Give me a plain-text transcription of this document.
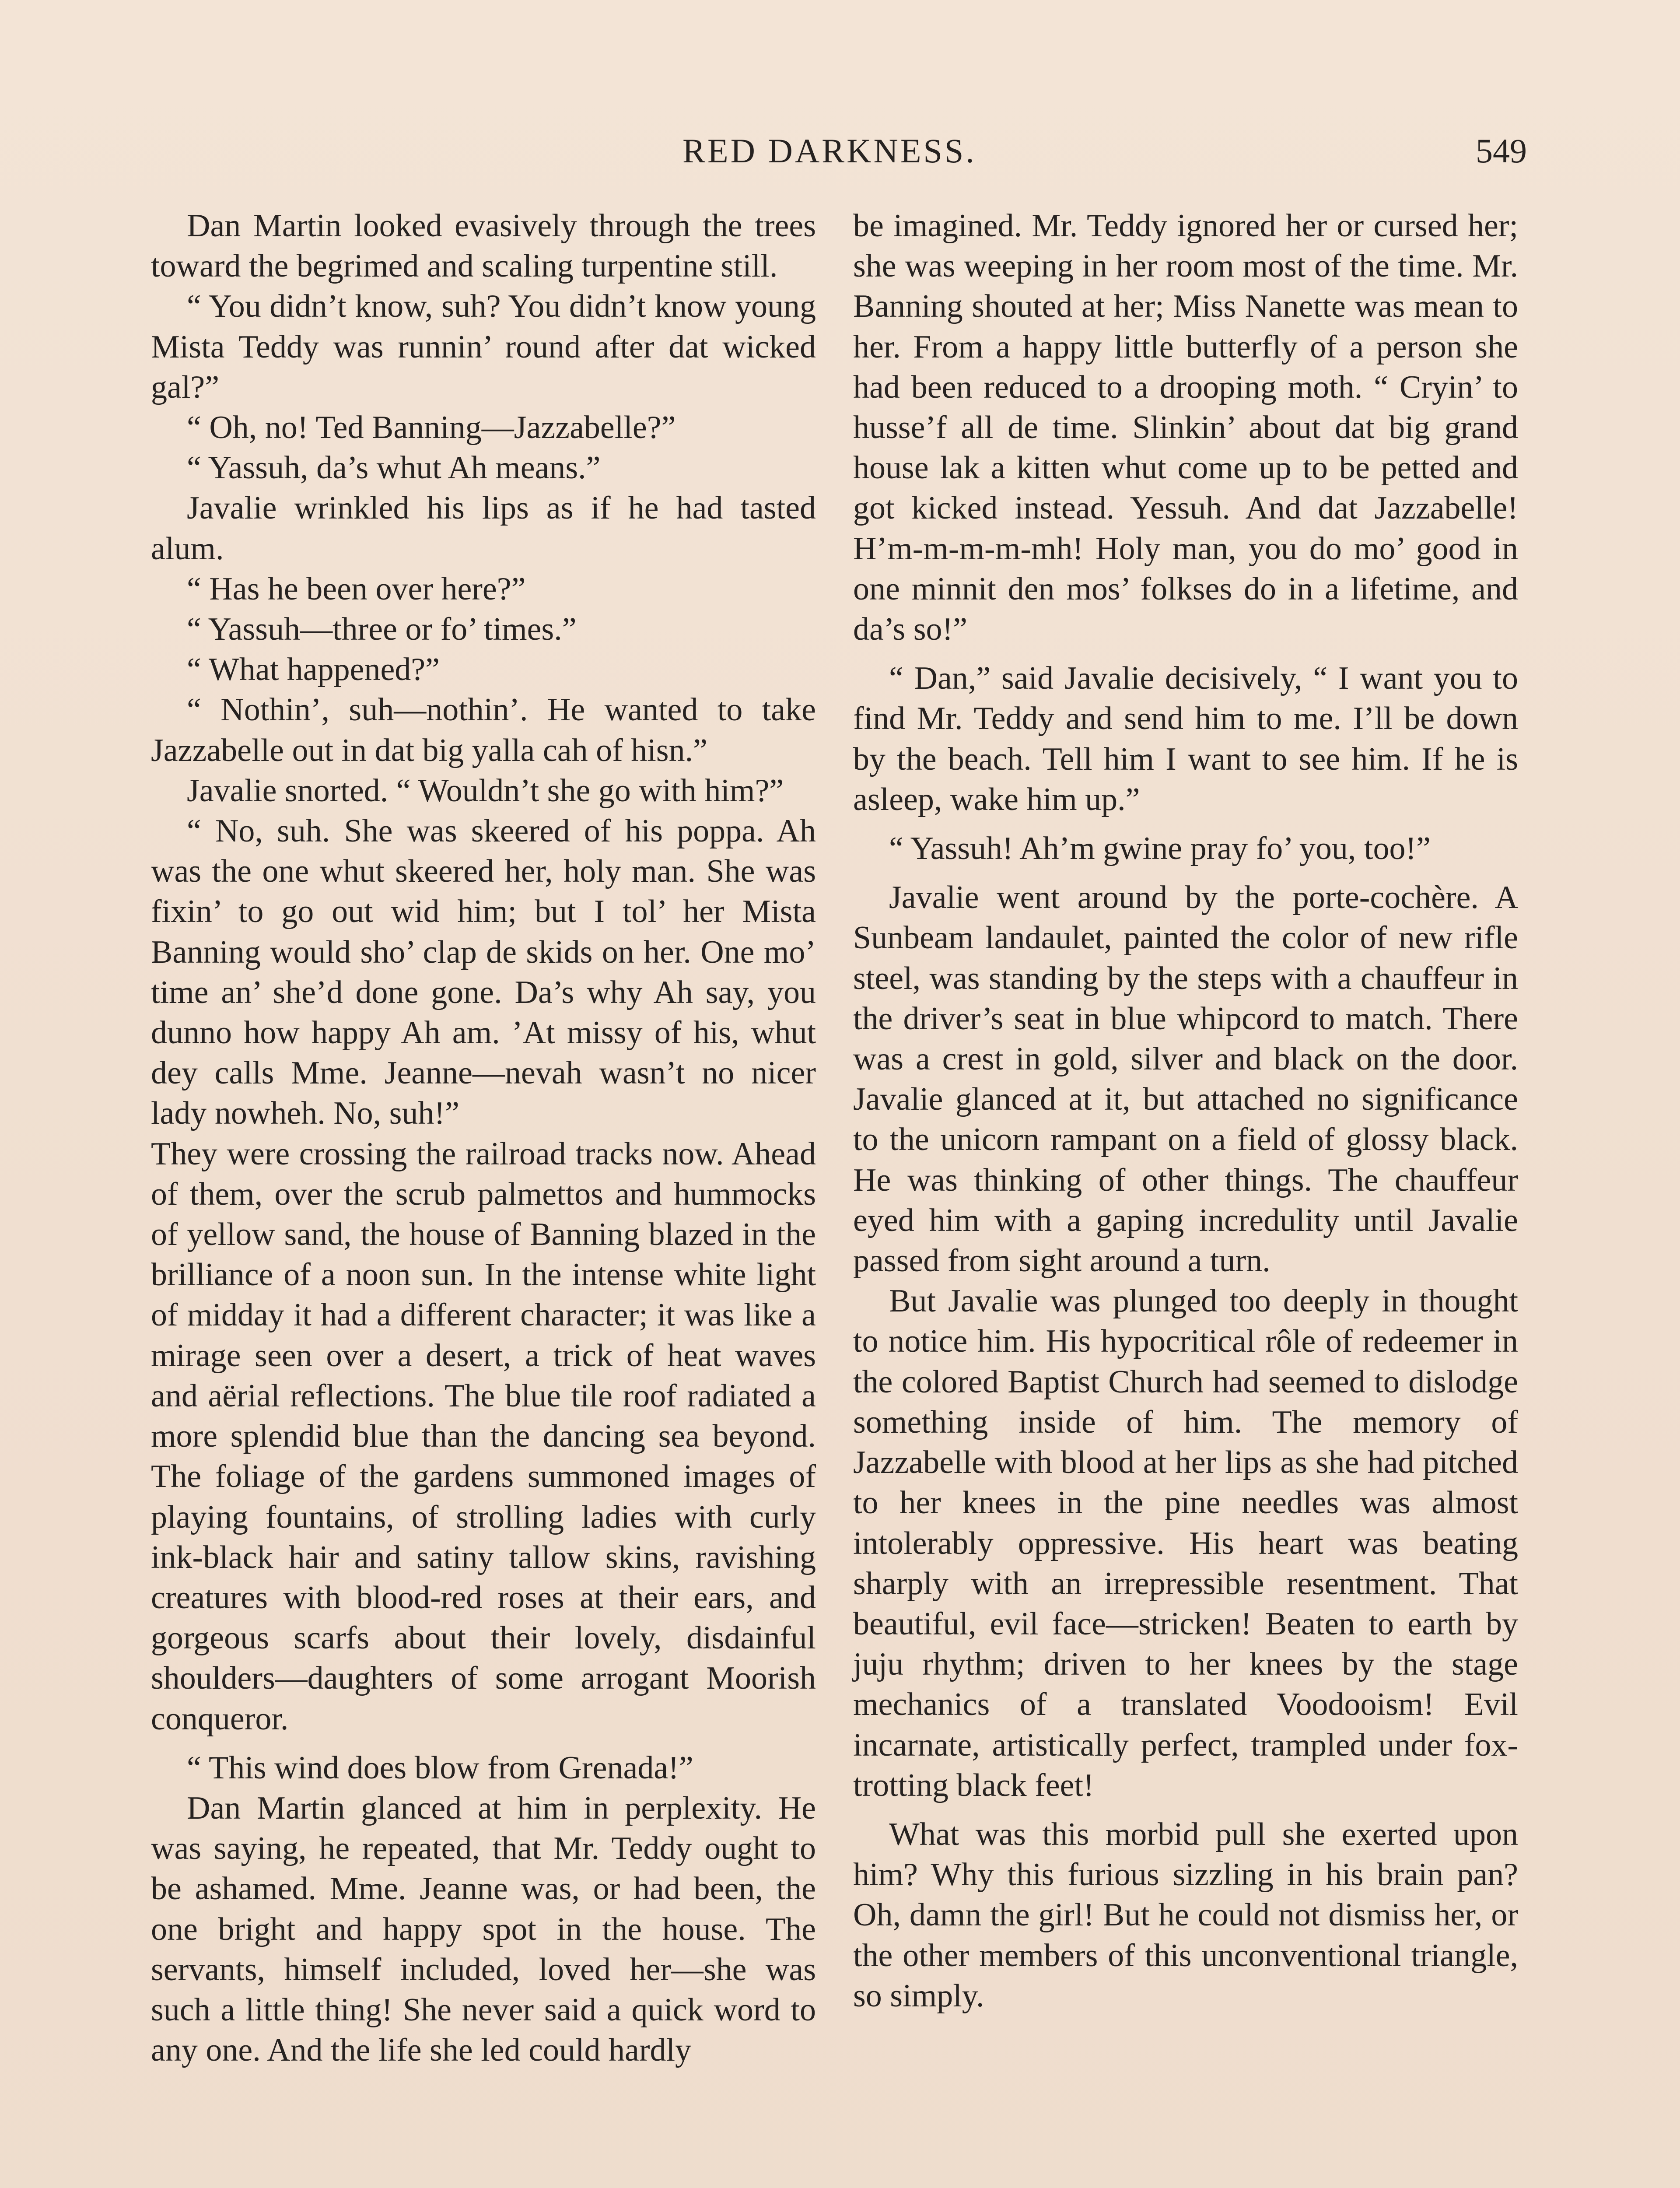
RED DARKNESS.	549

Dan Martin looked evasively through the trees toward the begrimed and scaling turpentine still.

“ You didn’t know, suh? You didn’t know young Mista Teddy was runnin’ round after dat wicked gal?”

“ Oh, no! Ted Banning—Jazzabelle?”

“ Yassuh, da’s whut Ah means.”

Javalie wrinkled his lips as if he had tasted alum.

“ Has he been over here?”

“ Yassuh—three or fo’ times.”

“ What happened?”

“ Nothin’, suh—nothin’. He wanted to take Jazzabelle out in dat big yalla cah of hisn.”

Javalie snorted. “ Wouldn’t she go with him?”

“ No, suh. She was skeered of his poppa. Ah was the one whut skeered her, holy man. She was fixin’ to go out wid him; but I tol’ her Mista Banning would sho’ clap de skids on her. One mo’ time an’ she’d done gone. Da’s why Ah say, you dunno how happy Ah am. ’At missy of his, whut dey calls Mme. Jeanne—nevah wasn’t no nicer lady nowheh. No, suh!”

They were crossing the railroad tracks now. Ahead of them, over the scrub palmettos and hummocks of yellow sand, the house of Banning blazed in the brilliance of a noon sun. In the intense white light of midday it had a different character; it was like a mirage seen over a desert, a trick of heat waves and aërial reflections. The blue tile roof radiated a more splendid blue than the dancing sea beyond. The foliage of the gardens summoned images of playing fountains, of strolling ladies with curly ink-black hair and satiny tallow skins, ravishing creatures with blood-red roses at their ears, and gorgeous scarfs about their lovely, disdainful shoulders—daughters of some arrogant Moorish conqueror.

“ This wind does blow from Grenada!”

Dan Martin glanced at him in perplexity. He was saying, he repeated, that Mr. Teddy ought to be ashamed. Mme. Jeanne was, or had been, the one bright and happy spot in the house. The servants, himself included, loved her—she was such a little thing! She never said a quick word to any one. And the life she led could hardly

be imagined. Mr. Teddy ignored her or cursed her; she was weeping in her room most of the time. Mr. Banning shouted at her; Miss Nanette was mean to her. From a happy little butterfly of a person she had been reduced to a drooping moth. “ Cryin’ to husse’f all de time. Slinkin’ about dat big grand house lak a kitten whut come up to be petted and got kicked instead. Yessuh. And dat Jazzabelle! H’m-m-m-m-mh! Holy man, you do mo’ good in one minnit den mos’ folkses do in a lifetime, and da’s so!”

“ Dan,” said Javalie decisively, “ I want you to find Mr. Teddy and send him to me. I’ll be down by the beach. Tell him I want to see him. If he is asleep, wake him up.”

“ Yassuh! Ah’m gwine pray fo’ you, too!”

Javalie went around by the porte-cochère. A Sunbeam landaulet, painted the color of new rifle steel, was standing by the steps with a chauffeur in the driver’s seat in blue whipcord to match. There was a crest in gold, silver and black on the door. Javalie glanced at it, but attached no significance to the unicorn rampant on a field of glossy black. He was thinking of other things. The chauffeur eyed him with a gaping incredulity until Javalie passed from sight around a turn.

But Javalie was plunged too deeply in thought to notice him. His hypocritical rôle of redeemer in the colored Baptist Church had seemed to dislodge something inside of him. The memory of Jazzabelle with blood at her lips as she had pitched to her knees in the pine needles was almost intolerably oppressive. His heart was beating sharply with an irrepressible resentment. That beautiful, evil face—stricken! Beaten to earth by juju rhythm; driven to her knees by the stage mechanics of a translated Voodooism! Evil incarnate, artistically perfect, trampled under fox-trotting black feet!

What was this morbid pull she exerted upon him? Why this furious sizzling in his brain pan? Oh, damn the girl! But he could not dismiss her, or the other members of this unconventional triangle, so simply.
